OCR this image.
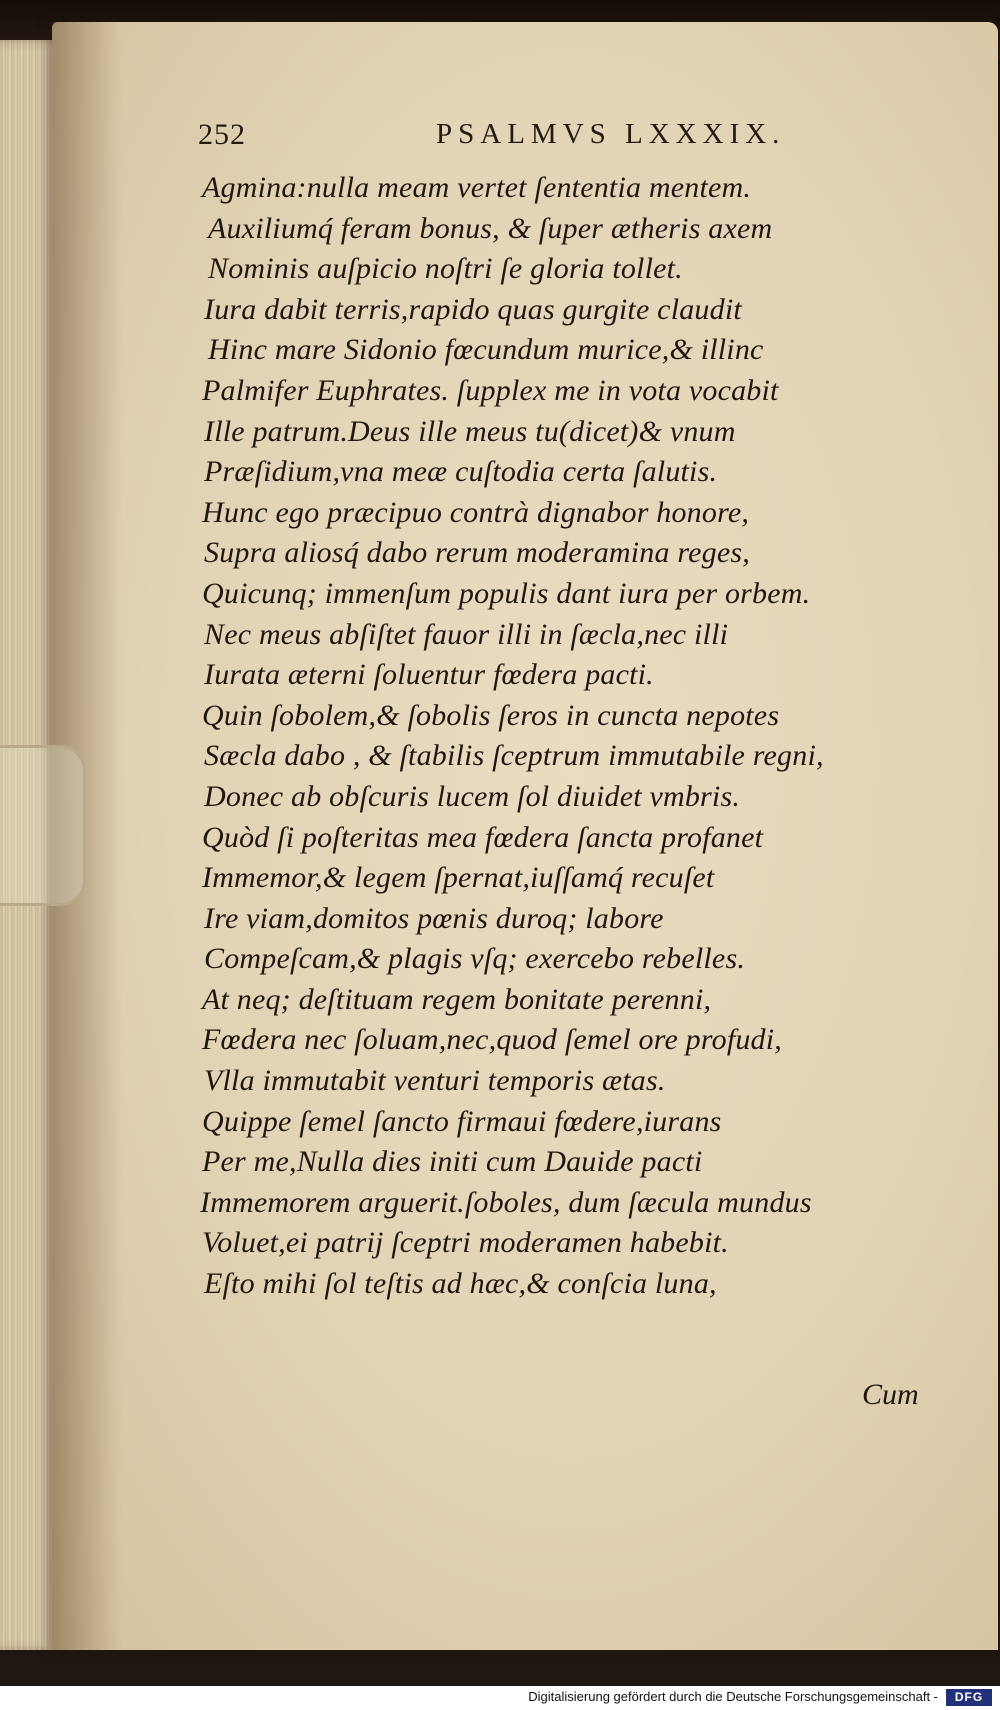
252	PSALMVS LXXXIX.
Agmina:nulla meam vertet ſententia mentem.
Auxiliumq́ feram bonus, & ſuper ætheris axem
Nominis auſpicio noſtri ſe gloria tollet.
Iura dabit terris,rapido quas gurgite claudit
Hinc mare Sidonio fœcundum murice,& illinc
Palmifer Euphrates. ſupplex me in vota vocabit
Ille patrum.Deus ille meus tu(dicet)& vnum
Præſidium,vna meæ cuſtodia certa ſalutis.
Hunc ego præcipuo contrà dignabor honore,
Supra aliosq́ dabo rerum moderamina reges,
Quicunq; immenſum populis dant iura per orbem.
Nec meus abſiſtet fauor illi in ſæcla,nec illi
Iurata æterni ſoluentur fœdera pacti.
Quin ſobolem,& ſobolis ſeros in cuncta nepotes
Sæcla dabo , & ſtabilis ſceptrum immutabile regni,
Donec ab obſcuris lucem ſol diuidet vmbris.
Quòd ſi poſteritas mea fœdera ſancta profanet
Immemor,& legem ſpernat,iuſſamq́ recuſet
Ire viam,domitos pœnis duroq; labore
Compeſcam,& plagis vſq; exercebo rebelles.
At neq; deſtituam regem bonitate perenni,
Fœdera nec ſoluam,nec,quod ſemel ore profudi,
Vlla immutabit venturi temporis ætas.
Quippe ſemel ſancto firmaui fœdere,iurans
Per me,Nulla dies initi cum Dauide pacti
Immemorem arguerit.ſoboles, dum ſæcula mundus
Voluet,ei patrij ſceptri moderamen habebit.
Eſto mihi ſol teſtis ad hæc,& conſcia luna,
Cum
Digitalisierung gefördert durch die Deutsche Forschungsgemeinschaft -	DFG
